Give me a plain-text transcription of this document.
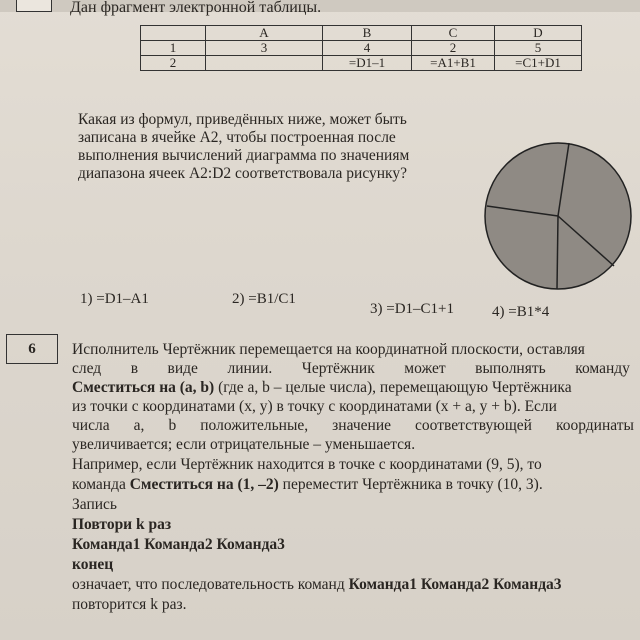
Дан фрагмент электронной таблицы.
	A	B	C	D
1	3	4	2	5
2		=D1–1	=A1+B1	=C1+D1
Какая из формул, приведённых ниже, может быть
записана в ячейке A2, чтобы построенная после
выполнения вычислений диаграмма по значениям
диапазона ячеек A2:D2 соответствовала рисунку?
1) =D1–A1	2) =B1/C1
3) =D1–C1+1	4) =B1*4
6	Исполнитель Чертёжник перемещается на координатной плоскости, оставляя
след в виде линии. Чертёжник может выполнять команду
Сместиться на (a, b) (где a, b – целые числа), перемещающую Чертёжника
из точки с координатами (x, y) в точку с координатами (x + a, y + b). Если
числа a, b положительные, значение соответствующей координаты
увеличивается; если отрицательные – уменьшается.
Например, если Чертёжник находится в точке с координатами (9, 5), то
команда Сместиться на (1, –2) переместит Чертёжника в точку (10, 3).
Запись
Повтори k раз
Команда1 Команда2 Команда3
конец
означает, что последовательность команд Команда1 Команда2 Команда3
повторится k раз.
